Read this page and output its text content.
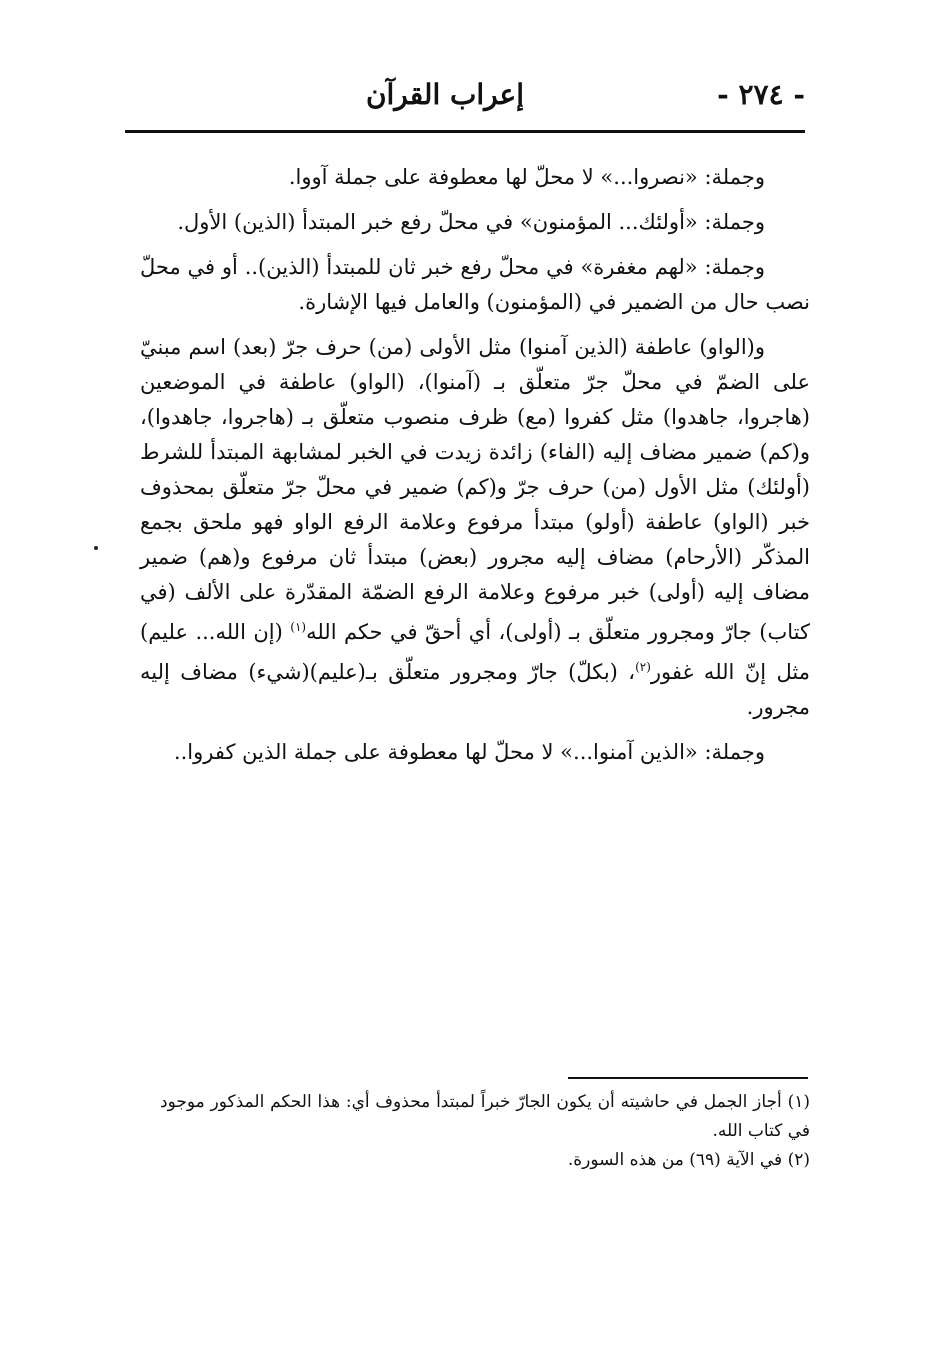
- ٢٧٤ -
إعراب القرآن

وجملة: «نصروا...» لا محلّ لها معطوفة على جملة آووا.

وجملة: «أولئك... المؤمنون» في محلّ رفع خبر المبتدأ (الذين) الأول.

وجملة: «لهم مغفرة» في محلّ رفع خبر ثان للمبتدأ (الذين).. أو في محلّ نصب حال من الضمير في (المؤمنون) والعامل فيها الإشارة.

و(الواو) عاطفة (الذين آمنوا) مثل الأولى (من) حرف جرّ (بعد) اسم مبنيّ على الضمّ في محلّ جرّ متعلّق بـ (آمنوا)، (الواو) عاطفة في الموضعين (هاجروا، جاهدوا) مثل كفروا (مع) ظرف منصوب متعلّق بـ (هاجروا، جاهدوا)، و(كم) ضمير مضاف إليه (الفاء) زائدة زيدت في الخبر لمشابهة المبتدأ للشرط (أولئك) مثل الأول (من) حرف جرّ و(كم) ضمير في محلّ جرّ متعلّق بمحذوف خبر (الواو) عاطفة (أولو) مبتدأ مرفوع وعلامة الرفع الواو فهو ملحق بجمع المذكّر (الأرحام) مضاف إليه مجرور (بعض) مبتدأ ثان مرفوع و(هم) ضمير مضاف إليه (أولى) خبر مرفوع وعلامة الرفع الضمّة المقدّرة على الألف (في كتاب) جارّ ومجرور متعلّق بـ (أولى)، أي أحقّ في حكم الله$^{(١)}$ (إن الله... عليم) مثل إنّ الله غفور$^{(٢)}$، (بكلّ) جارّ ومجرور متعلّق بـ(عليم)(شيء) مضاف إليه مجرور.

وجملة: «الذين آمنوا...» لا محلّ لها معطوفة على جملة الذين كفروا..

(١) أجاز الجمل في حاشيته أن يكون الجارّ خبراً لمبتدأ محذوف أي: هذا الحكم المذكور موجود في كتاب الله.

(٢) في الآية (٦٩) من هذه السورة.
